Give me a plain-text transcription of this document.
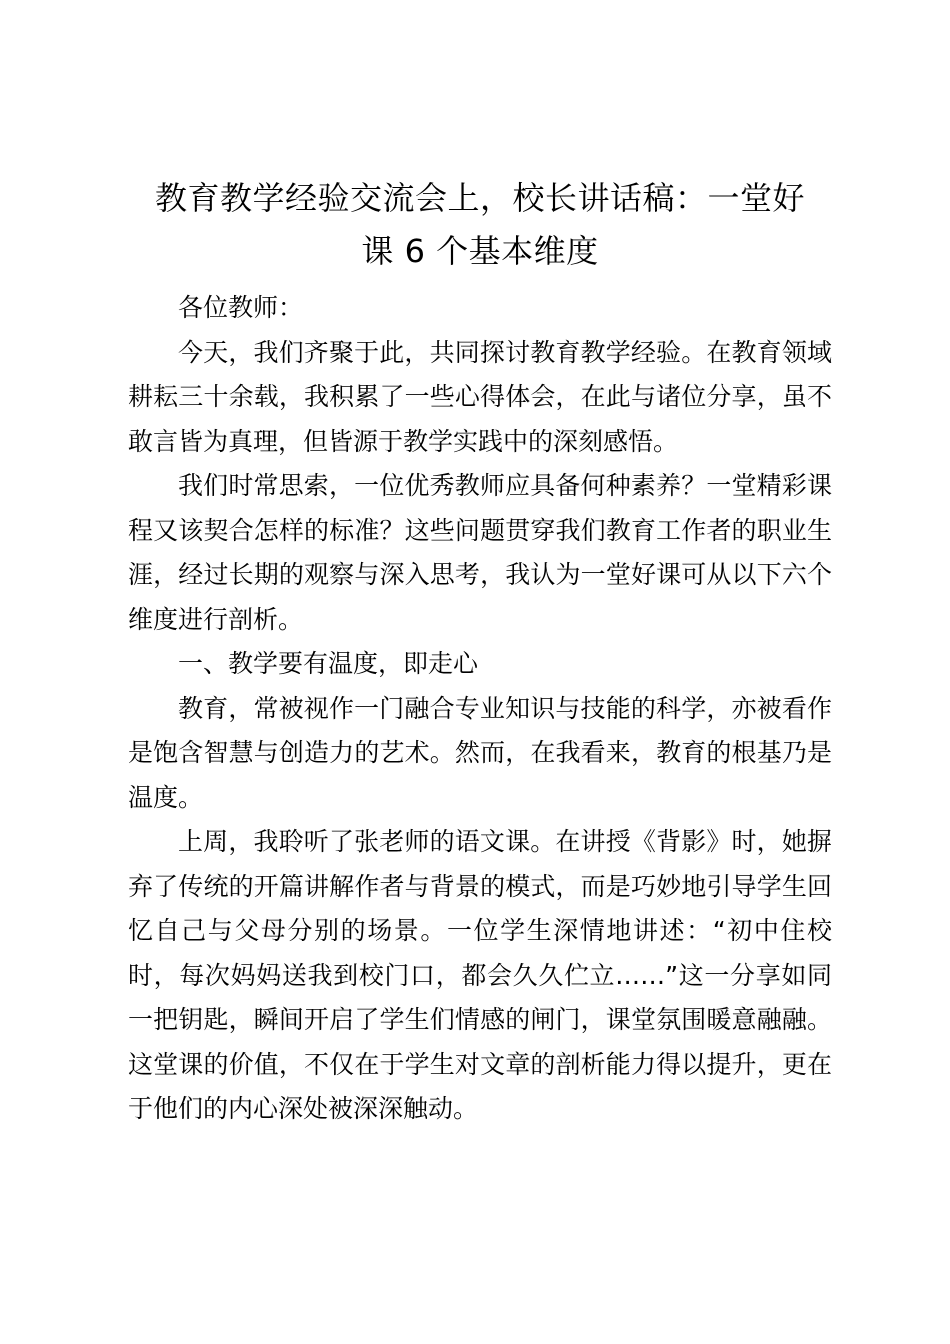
教育教学经验交流会上，校长讲话稿：一堂好
课 6 个基本维度

各位教师：

今天，我们齐聚于此，共同探讨教育教学经验。在教育领域耕耘三十余载，我积累了一些心得体会，在此与诸位分享，虽不敢言皆为真理，但皆源于教学实践中的深刻感悟。

我们时常思索，一位优秀教师应具备何种素养？一堂精彩课程又该契合怎样的标准？这些问题贯穿我们教育工作者的职业生涯，经过长期的观察与深入思考，我认为一堂好课可从以下六个维度进行剖析。

一、教学要有温度，即走心

教育，常被视作一门融合专业知识与技能的科学，亦被看作是饱含智慧与创造力的艺术。然而，在我看来，教育的根基乃是温度。

上周，我聆听了张老师的语文课。在讲授《背影》时，她摒弃了传统的开篇讲解作者与背景的模式，而是巧妙地引导学生回忆自己与父母分别的场景。一位学生深情地讲述：“初中住校时，每次妈妈送我到校门口，都会久久伫立……”这一分享如同一把钥匙，瞬间开启了学生们情感的闸门，课堂氛围暖意融融。这堂课的价值，不仅在于学生对文章的剖析能力得以提升，更在于他们的内心深处被深深触动。
